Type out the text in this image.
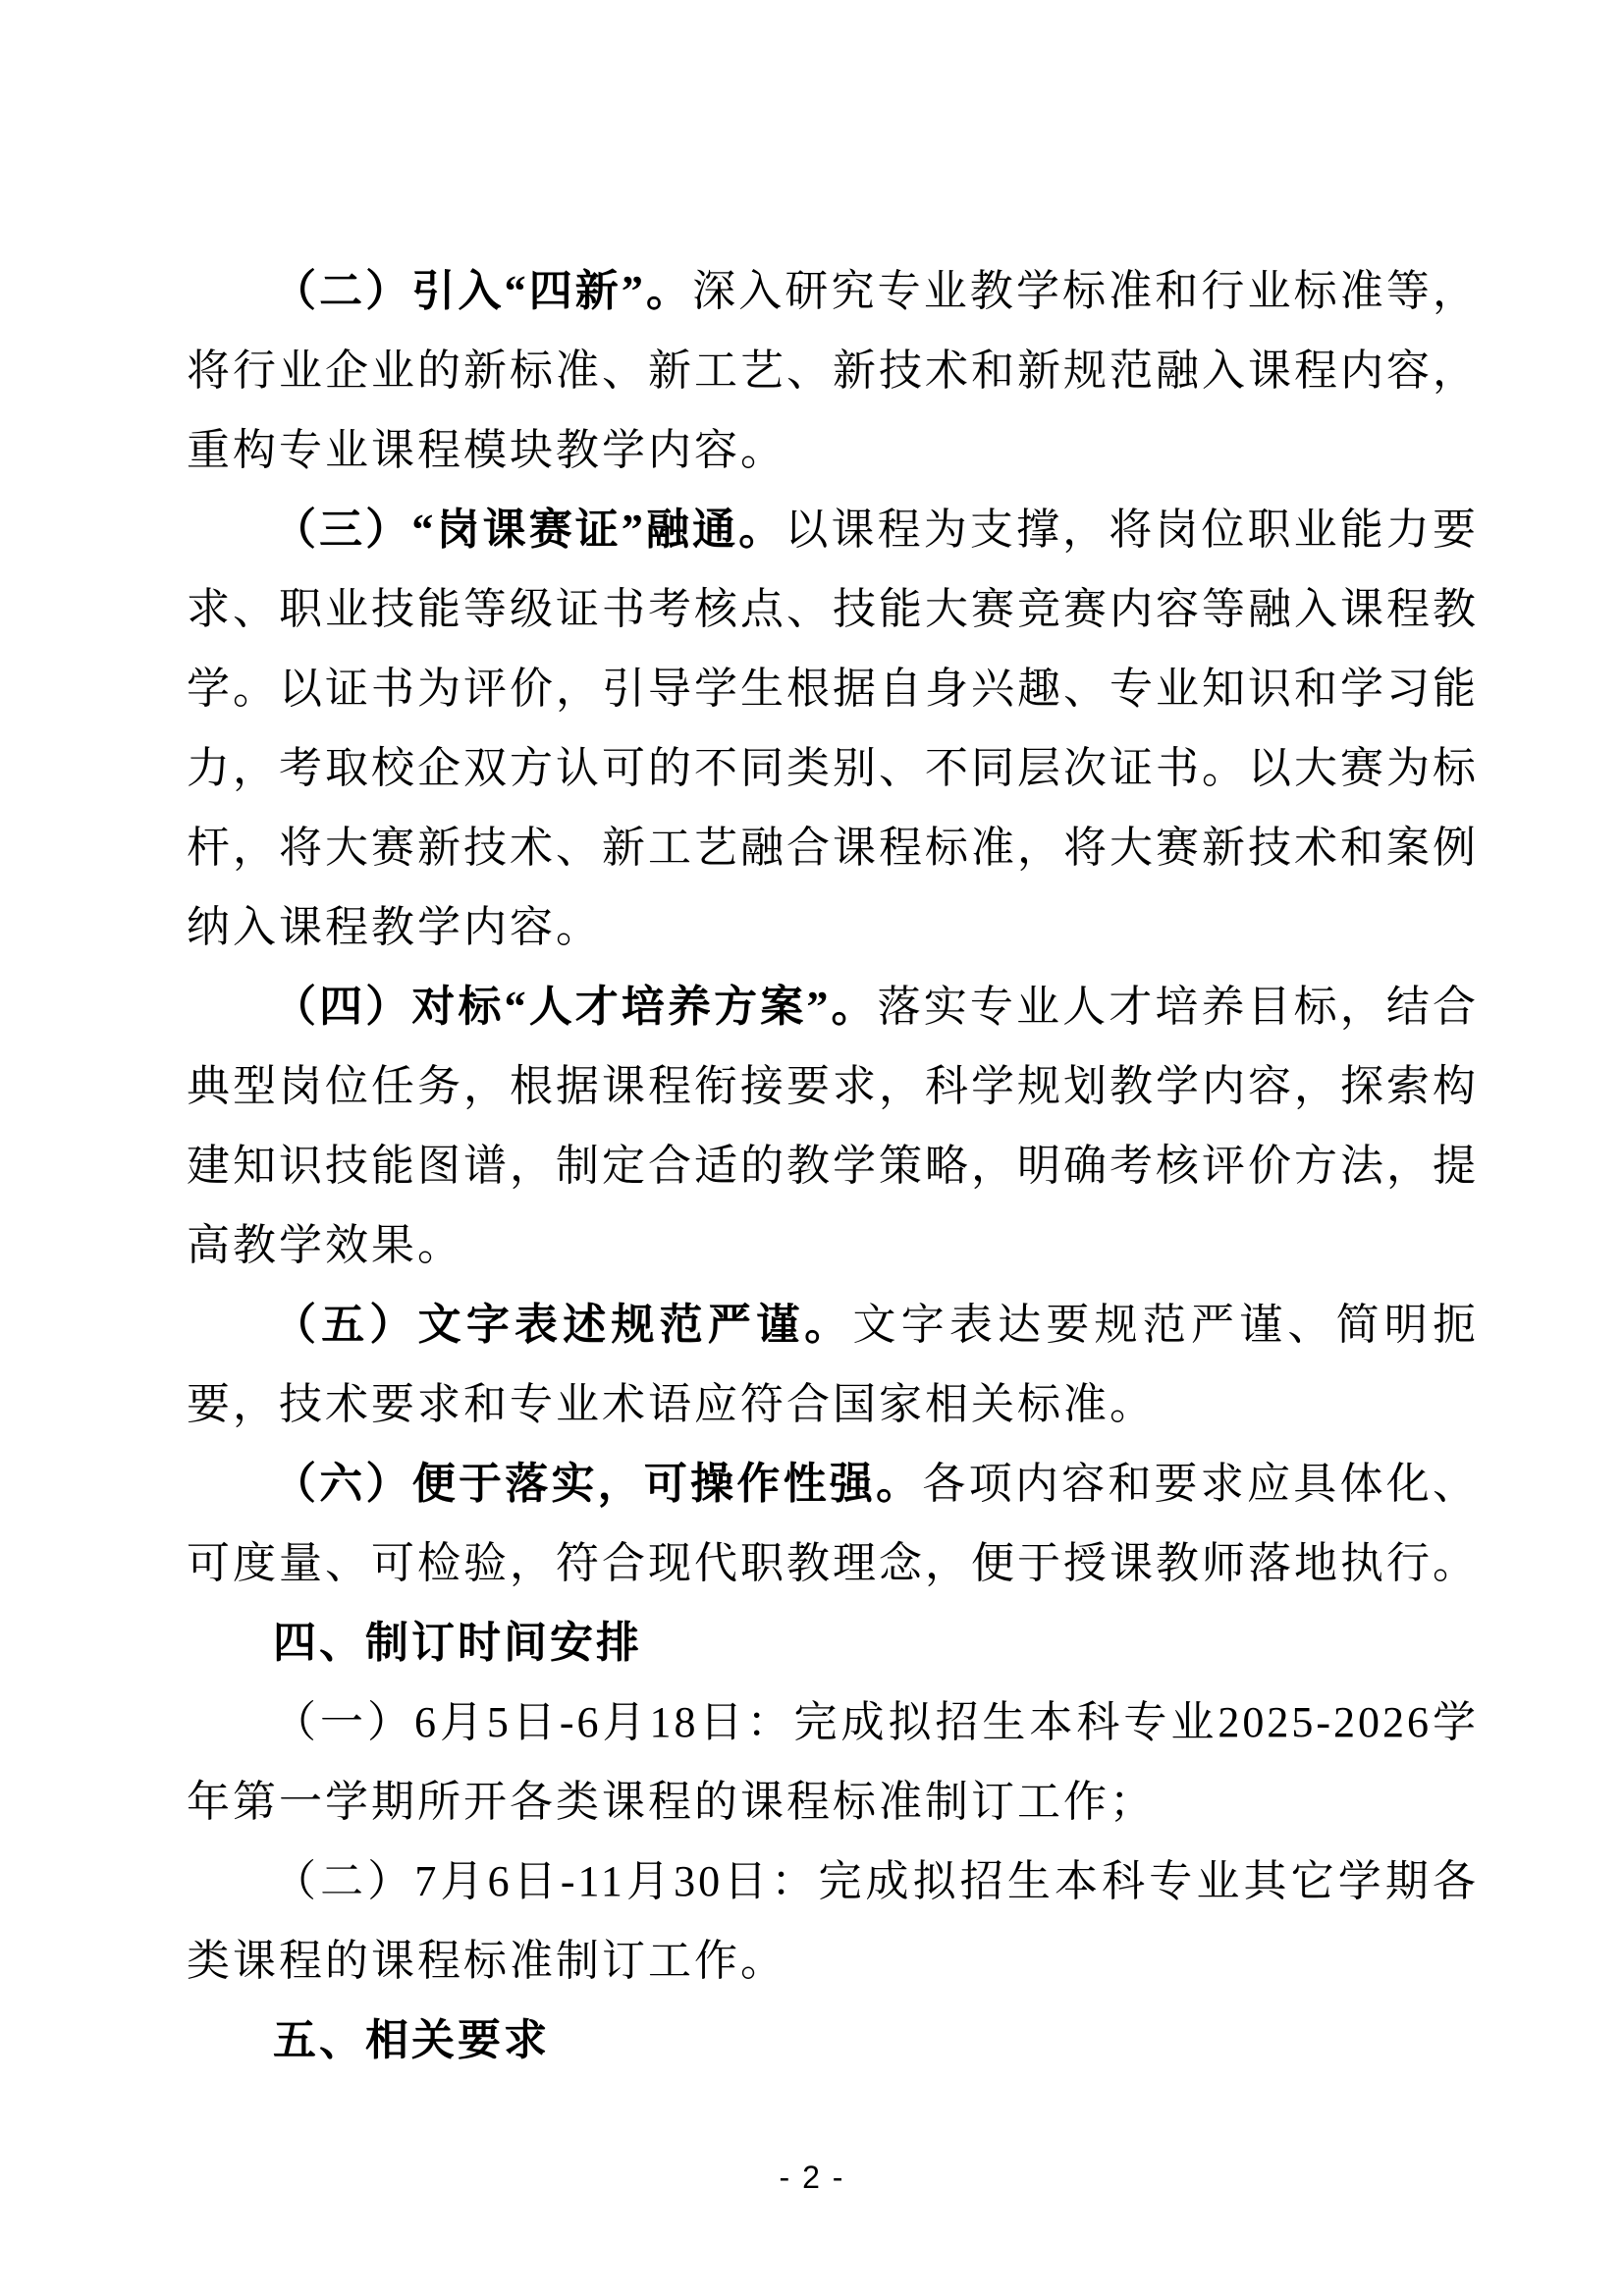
（二）引入“四新”。深入研究专业教学标准和行业标准等，将行业企业的新标准、新工艺、新技术和新规范融入课程内容，重构专业课程模块教学内容。

（三）“岗课赛证”融通。以课程为支撑，将岗位职业能力要求、职业技能等级证书考核点、技能大赛竞赛内容等融入课程教学。以证书为评价，引导学生根据自身兴趣、专业知识和学习能力，考取校企双方认可的不同类别、不同层次证书。以大赛为标杆，将大赛新技术、新工艺融合课程标准，将大赛新技术和案例纳入课程教学内容。

（四）对标“人才培养方案”。落实专业人才培养目标，结合典型岗位任务，根据课程衔接要求，科学规划教学内容，探索构建知识技能图谱，制定合适的教学策略，明确考核评价方法，提高教学效果。

（五）文字表述规范严谨。文字表达要规范严谨、简明扼要，技术要求和专业术语应符合国家相关标准。

（六）便于落实，可操作性强。各项内容和要求应具体化、可度量、可检验，符合现代职教理念，便于授课教师落地执行。

四、制订时间安排

（一）6月5日-6月18日：完成拟招生本科专业2025-2026学年第一学期所开各类课程的课程标准制订工作；

（二）7月6日-11月30日：完成拟招生本科专业其它学期各类课程的课程标准制订工作。

五、相关要求
- 2 -
